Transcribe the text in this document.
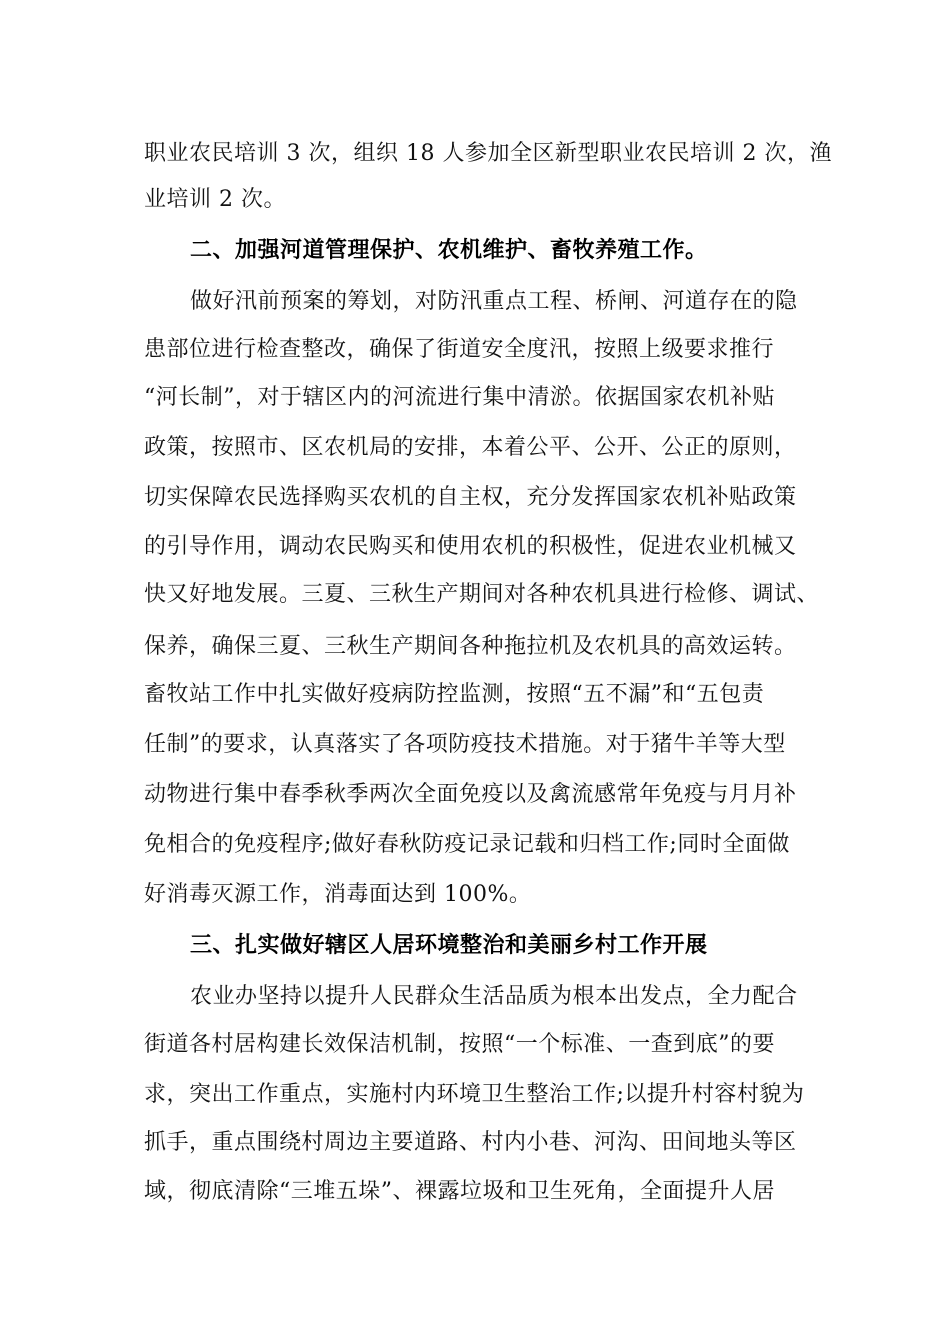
职业农民培训 3 次，组织 18 人参加全区新型职业农民培训 2 次，渔

业培训 2 次。

二、加强河道管理保护、农机维护、畜牧养殖工作。

做好汛前预案的筹划，对防汛重点工程、桥闸、河道存在的隐

患部位进行检查整改，确保了街道安全度汛，按照上级要求推行

“河长制”，对于辖区内的河流进行集中清淤。依据国家农机补贴

政策，按照市、区农机局的安排，本着公平、公开、公正的原则，

切实保障农民选择购买农机的自主权，充分发挥国家农机补贴政策

的引导作用，调动农民购买和使用农机的积极性，促进农业机械又

快又好地发展。三夏、三秋生产期间对各种农机具进行检修、调试、

保养，确保三夏、三秋生产期间各种拖拉机及农机具的高效运转。

畜牧站工作中扎实做好疫病防控监测，按照“五不漏”和“五包责

任制”的要求，认真落实了各项防疫技术措施。对于猪牛羊等大型

动物进行集中春季秋季两次全面免疫以及禽流感常年免疫与月月补

免相合的免疫程序;做好春秋防疫记录记载和归档工作;同时全面做

好消毒灭源工作，消毒面达到 100%。

三、扎实做好辖区人居环境整治和美丽乡村工作开展

农业办坚持以提升人民群众生活品质为根本出发点，全力配合

街道各村居构建长效保洁机制，按照“一个标准、一查到底”的要

求，突出工作重点，实施村内环境卫生整治工作;以提升村容村貌为

抓手，重点围绕村周边主要道路、村内小巷、河沟、田间地头等区

域，彻底清除“三堆五垛”、裸露垃圾和卫生死角，全面提升人居
